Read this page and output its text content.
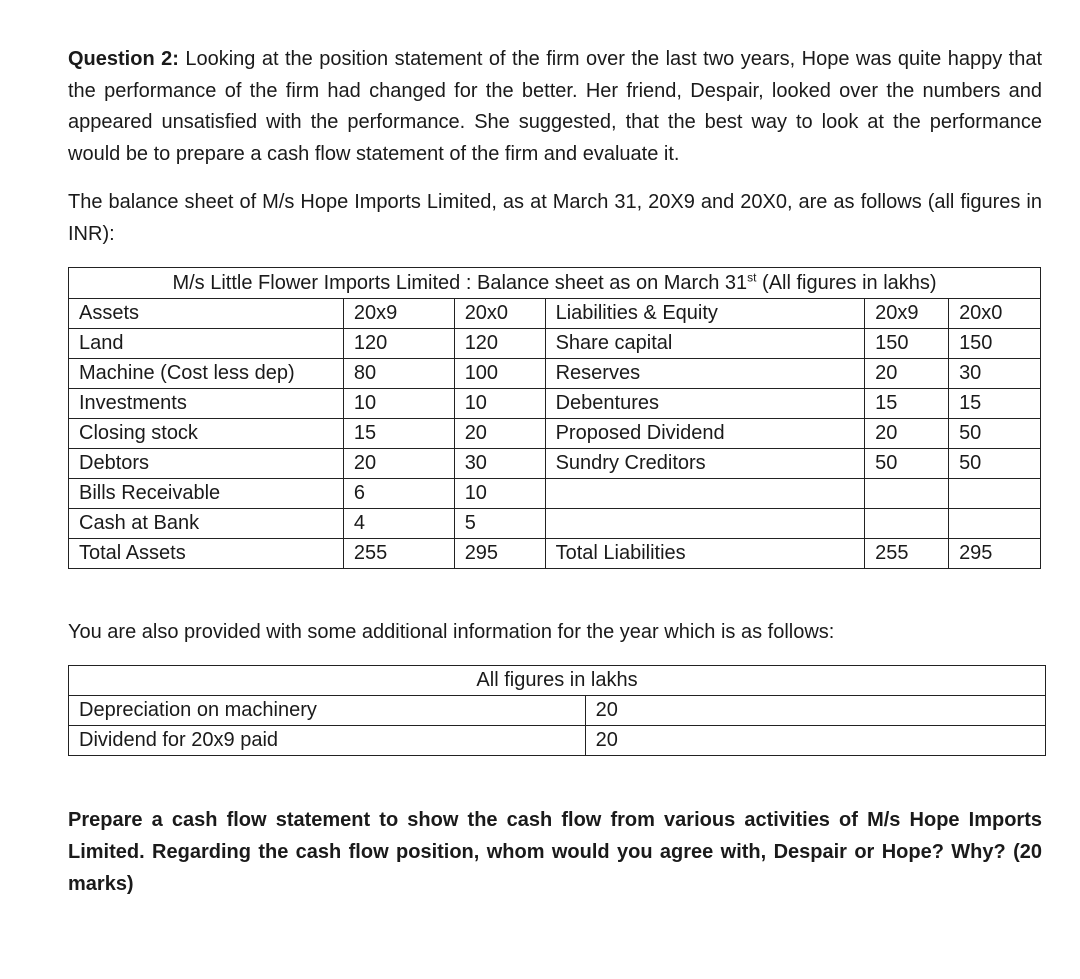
Question 2: Looking at the position statement of the firm over the last two years, Hope was quite happy that the performance of the firm had changed for the better. Her friend, Despair, looked over the numbers and appeared unsatisfied with the performance. She suggested, that the best way to look at the performance would be to prepare a cash flow statement of the firm and evaluate it.

The balance sheet of M/s Hope Imports Limited, as at March 31, 20X9 and 20X0, are as follows (all figures in INR):

M/s Little Flower Imports Limited : Balance sheet as on March 31st (All figures in lakhs)					
Assets	20x9	20x0	Liabilities & Equity	20x9	20x0
Land	120	120	Share capital	150	150
Machine (Cost less dep)	80	100	Reserves	20	30
Investments	10	10	Debentures	15	15
Closing stock	15	20	Proposed Dividend	20	50
Debtors	20	30	Sundry Creditors	50	50
Bills Receivable	6	10			
Cash at Bank	4	5			
Total Assets	255	295	Total Liabilities	255	295

You are also provided with some additional information for the year which is as follows:

All figures in lakhs	
Depreciation on machinery	20
Dividend for 20x9 paid	20

Prepare a cash flow statement to show the cash flow from various activities of M/s Hope Imports Limited. Regarding the cash flow position, whom would you agree with, Despair or Hope? Why? (20 marks)
